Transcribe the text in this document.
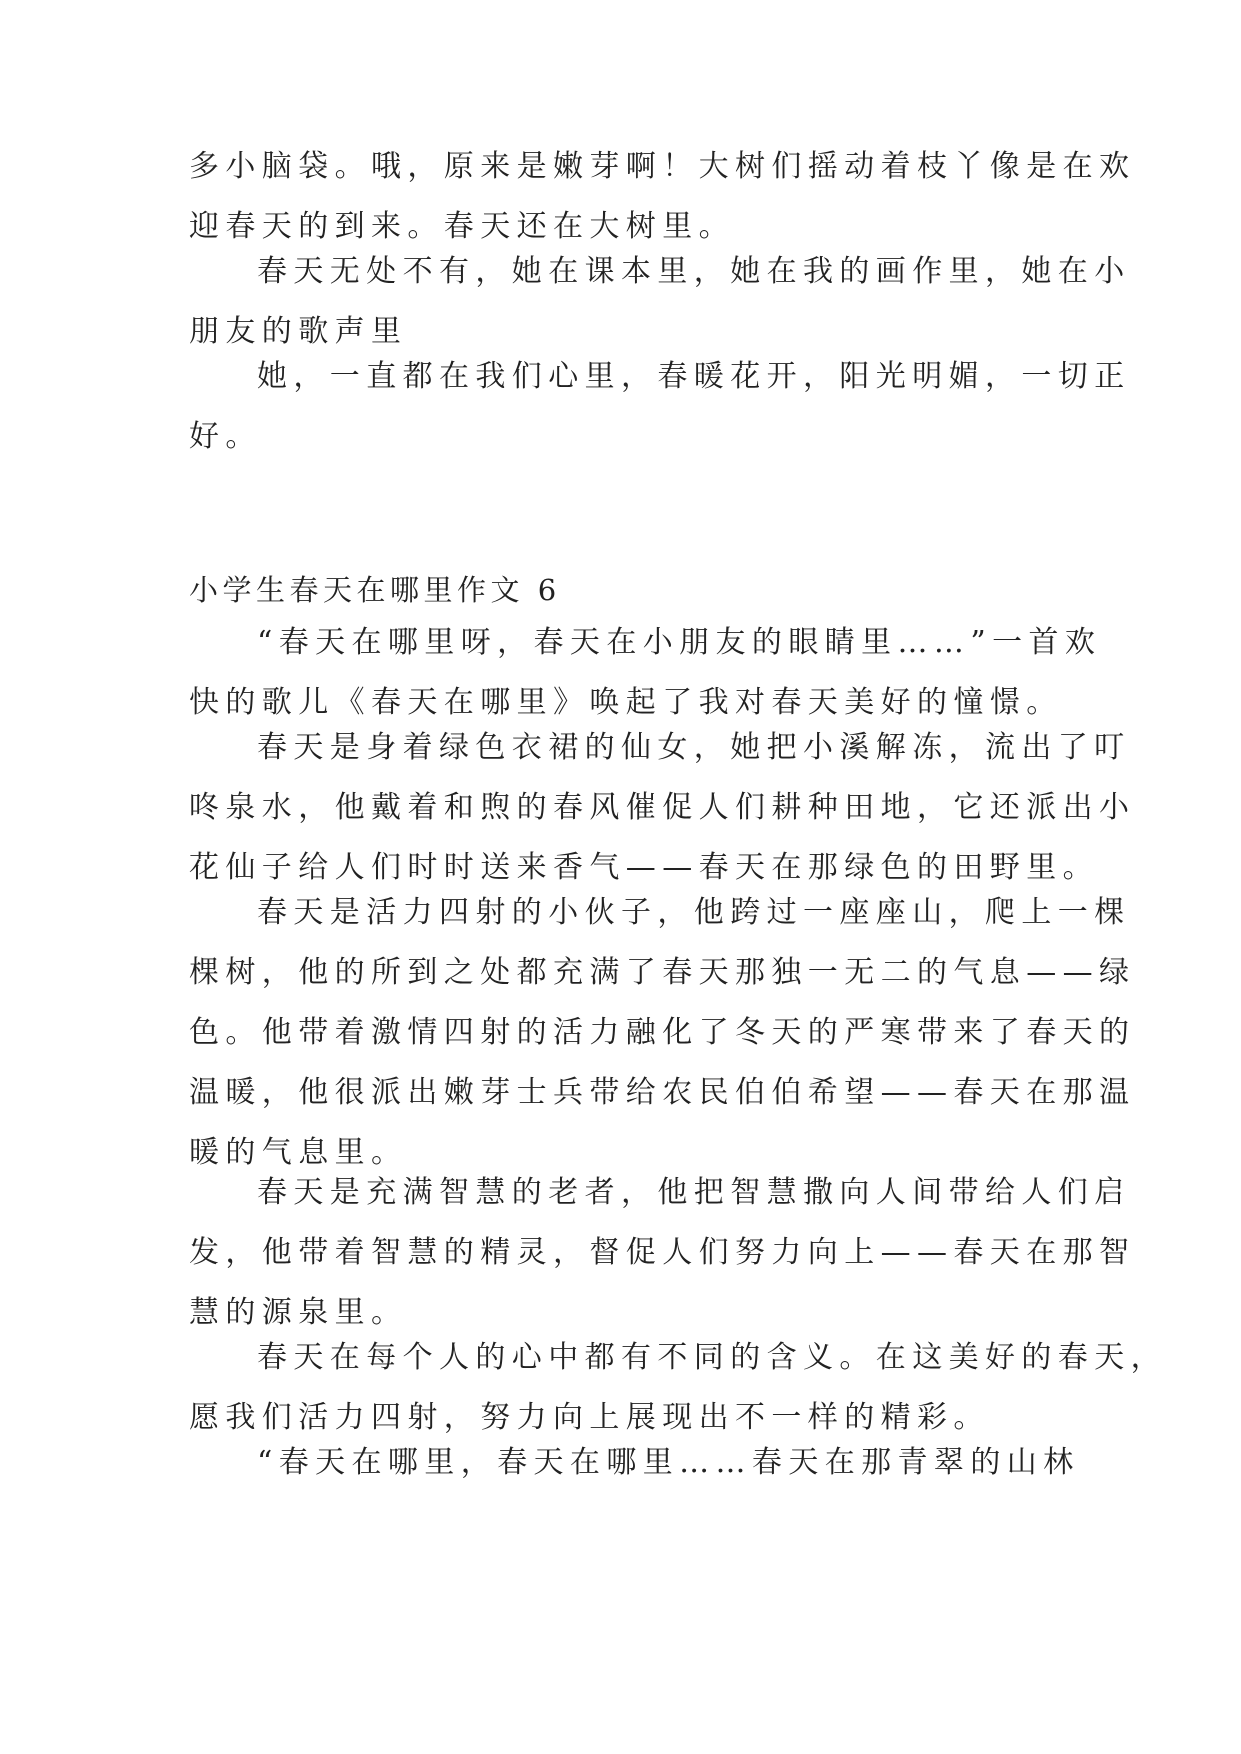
多小脑袋。哦，原来是嫩芽啊！大树们摇动着枝丫像是在欢
迎春天的到来。春天还在大树里。
春天无处不有，她在课本里，她在我的画作里，她在小
朋友的歌声里
她，一直都在我们心里，春暖花开，阳光明媚，一切正
好。
小学生春天在哪里作文 6
“春天在哪里呀，春天在小朋友的眼睛里……”一首欢
快的歌儿《春天在哪里》唤起了我对春天美好的憧憬。
春天是身着绿色衣裙的仙女，她把小溪解冻，流出了叮
咚泉水，他戴着和煦的春风催促人们耕种田地，它还派出小
花仙子给人们时时送来香气——春天在那绿色的田野里。
春天是活力四射的小伙子，他跨过一座座山，爬上一棵
棵树，他的所到之处都充满了春天那独一无二的气息——绿
色。他带着激情四射的活力融化了冬天的严寒带来了春天的
温暖，他很派出嫩芽士兵带给农民伯伯希望——春天在那温
暖的气息里。
春天是充满智慧的老者，他把智慧撒向人间带给人们启
发，他带着智慧的精灵，督促人们努力向上——春天在那智
慧的源泉里。
春天在每个人的心中都有不同的含义。在这美好的春天，
愿我们活力四射，努力向上展现出不一样的精彩。
“春天在哪里，春天在哪里……春天在那青翠的山林
